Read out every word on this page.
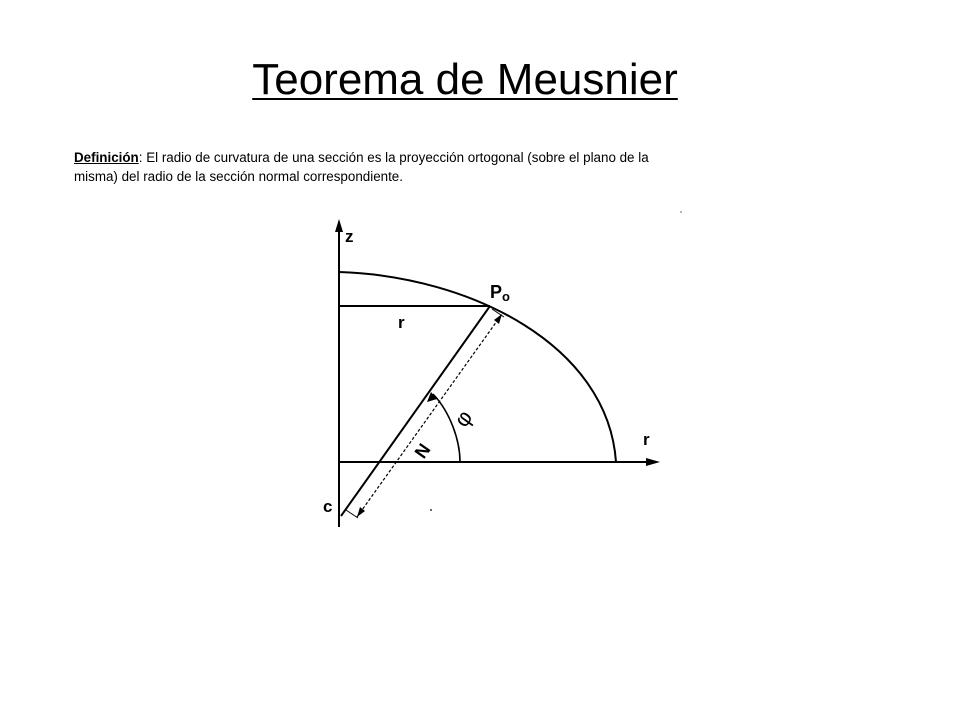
Teorema de Meusnier
Definición: El radio de curvatura de una sección es la proyección ortogonal (sobre el plano de la misma) del radio de la sección normal correspondiente.
z
r
r
Po
N
φ
c
